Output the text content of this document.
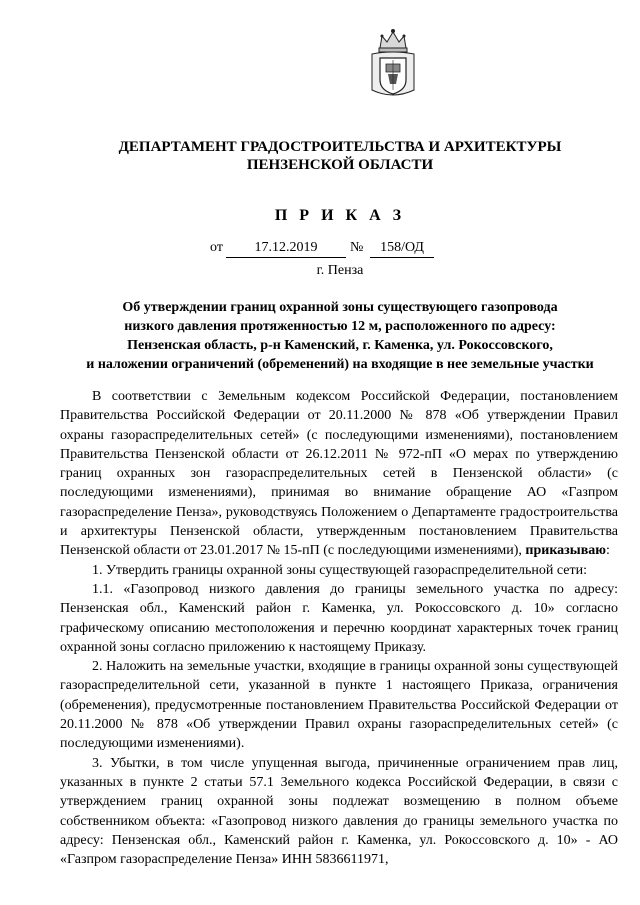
ДЕПАРТАМЕНТ ГРАДОСТРОИТЕЛЬСТВА И АРХИТЕКТУРЫ
ПЕНЗЕНСКОЙ ОБЛАСТИ
П Р И К А З
от	17.12.2019	№	158/ОД
г. Пенза
Об утверждении границ охранной зоны существующего газопровода
низкого давления протяженностью 12 м, расположенного по адресу:
Пензенская область, р-н Каменский, г. Каменка, ул. Рокоссовского,
и наложении ограничений (обременений) на входящие в нее земельные участки

В соответствии с Земельным кодексом Российской Федерации, постановлением Правительства Российской Федерации от 20.11.2000 № 878 «Об утверждении Правил охраны газораспределительных сетей» (с последующими изменениями), постановлением Правительства Пензенской области от 26.12.2011 № 972-пП «О мерах по утверждению границ охранных зон газораспределительных сетей в Пензенской области» (с последующими изменениями), принимая во внимание обращение АО «Газпром газораспределение Пенза», руководствуясь Положением о Департаменте градостроительства и архитектуры Пензенской области, утвержденным постановлением Правительства Пензенской области от 23.01.2017 № 15-пП (с последующими изменениями), приказываю:

1. Утвердить границы охранной зоны существующей газораспределительной сети:

1.1. «Газопровод низкого давления до границы земельного участка по адресу: Пензенская обл., Каменский район г. Каменка, ул. Рокоссовского д. 10» согласно графическому описанию местоположения и перечню координат характерных точек границ охранной зоны согласно приложению к настоящему Приказу.

2. Наложить на земельные участки, входящие в границы охранной зоны существующей газораспределительной сети, указанной в пункте 1 настоящего Приказа, ограничения (обременения), предусмотренные постановлением Правительства Российской Федерации от 20.11.2000 № 878 «Об утверждении Правил охраны газораспределительных сетей» (с последующими изменениями).

3. Убытки, в том числе упущенная выгода, причиненные ограничением прав лиц, указанных в пункте 2 статьи 57.1 Земельного кодекса Российской Федерации, в связи с утверждением границ охранной зоны подлежат возмещению в полном объеме собственником объекта: «Газопровод низкого давления до границы земельного участка по адресу: Пензенская обл., Каменский район г. Каменка, ул. Рокоссовского д. 10» - АО «Газпром газораспределение Пенза» ИНН 5836611971,
